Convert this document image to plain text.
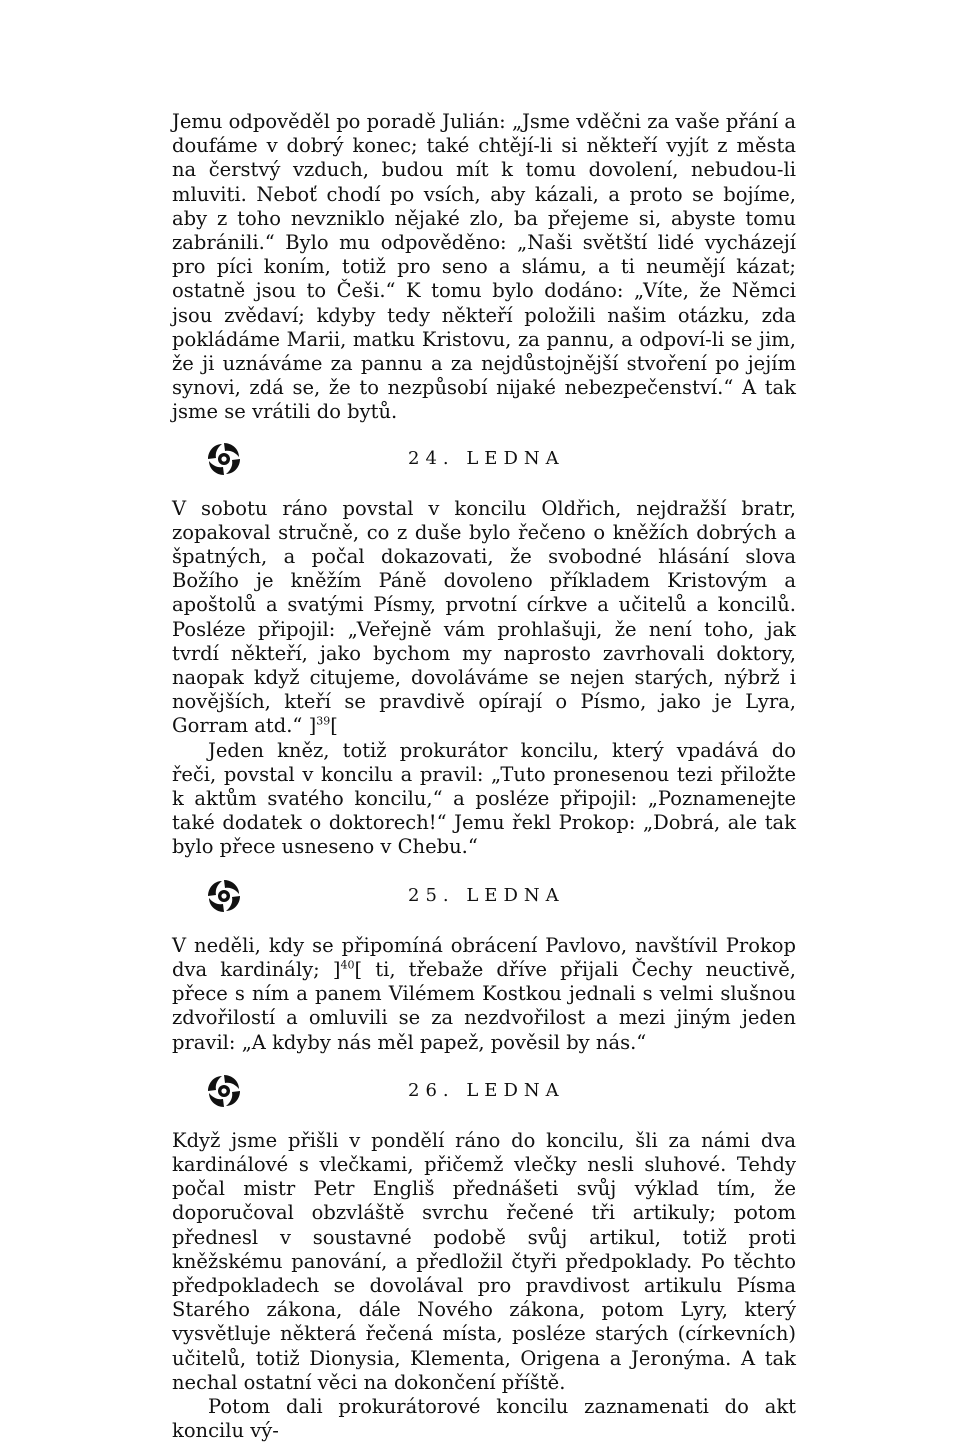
Jemu odpověděl po poradě Julián: „Jsme vděčni za vaše přání a doufáme v dobrý konec; také chtějí-li si někteří vyjít z města na čerstvý vzduch, budou mít k tomu dovolení, nebudou-li mluviti. Neboť chodí po vsích, aby kázali, a proto se bojíme, aby z toho nevzniklo nějaké zlo, ba přejeme si, abyste tomu zabránili.“ Bylo mu odpověděno: „Naši světští lidé vycházejí pro píci koním, totiž pro seno a slámu, a ti neumějí kázat; ostatně jsou to Češi.“ K tomu bylo dodáno: „Víte, že Němci jsou zvědaví; kdyby tedy někteří položili našim otázku, zda pokládáme Marii, matku Kristovu, za pannu, a odpoví-li se jim, že ji uznáváme za pannu a za nejdůstojnější stvoření po jejím synovi, zdá se, že to nezpůsobí nijaké nebezpečenství.“ A tak jsme se vrátili do bytů.

24. LEDNA

V sobotu ráno povstal v koncilu Oldřich, nejdražší bratr, zopakoval stručně, co z duše bylo řečeno o kněžích dobrých a špatných, a počal dokazovati, že svobodné hlásání slova Božího je kněžím Páně dovoleno příkladem Kristovým a apoštolů a svatými Písmy, prvotní církve a učitelů a koncilů. Posléze připojil: „Veřejně vám prohlašuji, že není toho, jak tvrdí někteří, jako bychom my naprosto zavrhovali doktory, naopak když citujeme, dovoláváme se nejen starých, nýbrž i novějších, kteří se pravdivě opírají o Písmo, jako je Lyra, Gorram atd.“ ]$^{39}$[

Jeden kněz, totiž prokurátor koncilu, který vpadává do řeči, povstal v koncilu a pravil: „Tuto pronesenou tezi přiložte k aktům svatého koncilu,“ a posléze připojil: „Poznamenejte také dodatek o doktorech!“ Jemu řekl Prokop: „Dobrá, ale tak bylo přece usneseno v Chebu.“

25. LEDNA

V neděli, kdy se připomíná obrácení Pavlovo, navštívil Prokop dva kardinály; ]$^{40}$[ ti, třebaže dříve přijali Čechy neuctivě, přece s ním a panem Vilémem Kostkou jednali s velmi slušnou zdvořilostí a omluvili se za nezdvořilost a mezi jiným jeden pravil: „A kdyby nás měl papež, pověsil by nás.“

26. LEDNA

Když jsme přišli v pondělí ráno do koncilu, šli za námi dva kardinálové s vlečkami, přičemž vlečky nesli sluhové. Tehdy počal mistr Petr Engliš přednášeti svůj výklad tím, že doporučoval obzvláště svrchu řečené tři artikuly; potom přednesl v soustavné podobě svůj artikul, totiž proti kněžskému panování, a předložil čtyři předpoklady. Po těchto předpokladech se dovolával pro pravdivost artikulu Písma Starého zákona, dále Nového zákona, potom Lyry, který vysvětluje některá řečená místa, posléze starých (církevních) učitelů, totiž Dionysia, Klementa, Origena a Jeronýma. A tak nechal ostatní věci na dokončení příště.

Potom dali prokurátorové koncilu zaznamenati do akt koncilu vý-
